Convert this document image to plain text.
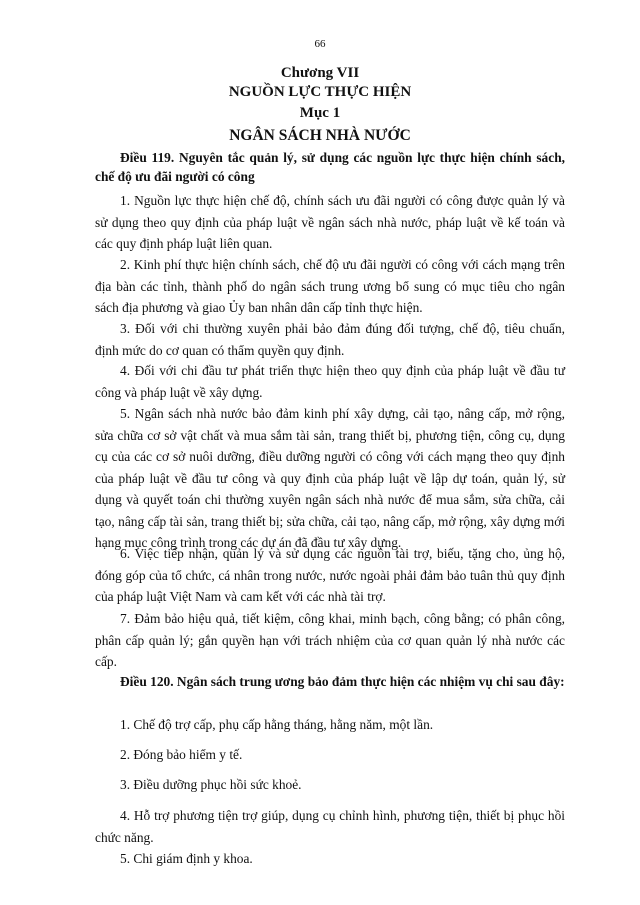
66
Chương VII
NGUỒN LỰC THỰC HIỆN
Mục 1
NGÂN SÁCH NHÀ NƯỚC

Điều 119. Nguyên tắc quản lý, sử dụng các nguồn lực thực hiện chính sách, chế độ ưu đãi người có công

1. Nguồn lực thực hiện chế độ, chính sách ưu đãi người có công được quản lý và sử dụng theo quy định của pháp luật về ngân sách nhà nước, pháp luật về kế toán và các quy định pháp luật liên quan.

2. Kinh phí thực hiện chính sách, chế độ ưu đãi người có công với cách mạng trên địa bàn các tỉnh, thành phố do ngân sách trung ương bổ sung có mục tiêu cho ngân sách địa phương và giao Ủy ban nhân dân cấp tỉnh thực hiện.

3. Đối với chi thường xuyên phải bảo đảm đúng đối tượng, chế độ, tiêu chuẩn, định mức do cơ quan có thẩm quyền quy định.

4. Đối với chi đầu tư phát triển thực hiện theo quy định của pháp luật về đầu tư công và pháp luật về xây dựng.

5. Ngân sách nhà nước bảo đảm kinh phí xây dựng, cải tạo, nâng cấp, mở rộng, sửa chữa cơ sở vật chất và mua sắm tài sản, trang thiết bị, phương tiện, công cụ, dụng cụ của các cơ sở nuôi dưỡng, điều dưỡng người có công với cách mạng theo quy định của pháp luật về đầu tư công và quy định của pháp luật về lập dự toán, quản lý, sử dụng và quyết toán chi thường xuyên ngân sách nhà nước để mua sắm, sửa chữa, cải tạo, nâng cấp tài sản, trang thiết bị; sửa chữa, cải tạo, nâng cấp, mở rộng, xây dựng mới hạng mục công trình trong các dự án đã đầu tư xây dựng.

6. Việc tiếp nhận, quản lý và sử dụng các nguồn tài trợ, biếu, tặng cho, ủng hộ, đóng góp của tổ chức, cá nhân trong nước, nước ngoài phải đảm bảo tuân thủ quy định của pháp luật Việt Nam và cam kết với các nhà tài trợ.

7. Đảm bảo hiệu quả, tiết kiệm, công khai, minh bạch, công bằng; có phân công, phân cấp quản lý; gắn quyền hạn với trách nhiệm của cơ quan quản lý nhà nước các cấp.

Điều 120. Ngân sách trung ương bảo đảm thực hiện các nhiệm vụ chi sau đây:

1. Chế độ trợ cấp, phụ cấp hằng tháng, hằng năm, một lần.

2. Đóng bảo hiểm y tế.

3. Điều dưỡng phục hồi sức khoẻ.

4. Hỗ trợ phương tiện trợ giúp, dụng cụ chỉnh hình, phương tiện, thiết bị phục hồi chức năng.

5. Chi giám định y khoa.
